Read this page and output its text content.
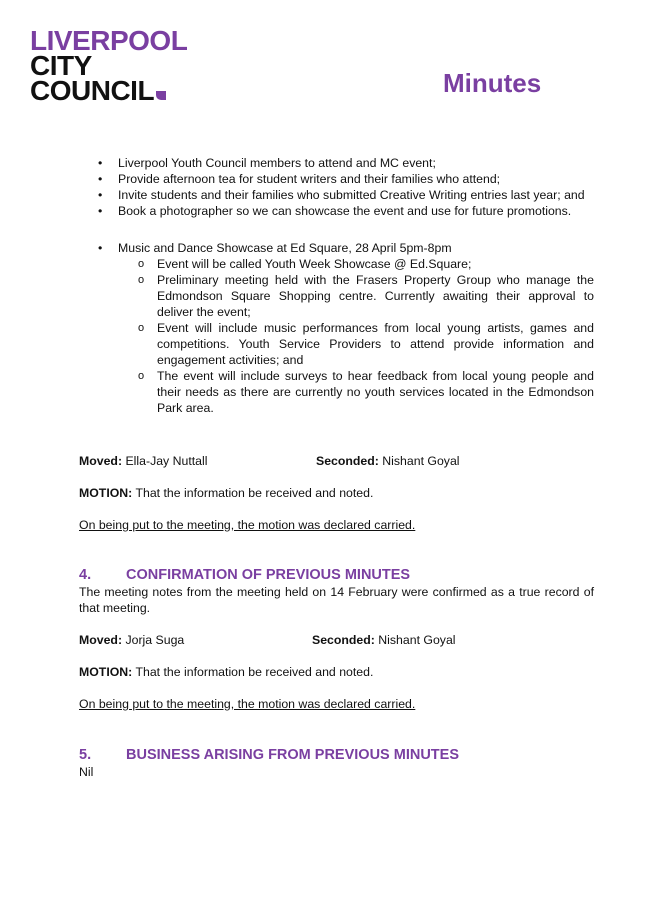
LIVERPOOL
CITY
COUNCIL	Minutes
• Liverpool Youth Council members to attend and MC event;
• Provide afternoon tea for student writers and their families who attend;
• Invite students and their families who submitted Creative Writing entries last year; and
• Book a photographer so we can showcase the event and use for future promotions.
• Music and Dance Showcase at Ed Square, 28 April 5pm-8pm
o Event will be called Youth Week Showcase @ Ed.Square;
o Preliminary meeting held with the Frasers Property Group who manage the Edmondson Square Shopping centre. Currently awaiting their approval to deliver the event;
o Event will include music performances from local young artists, games and competitions. Youth Service Providers to attend provide information and engagement activities; and
o The event will include surveys to hear feedback from local young people and their needs as there are currently no youth services located in the Edmondson Park area.
Moved: Ella-Jay Nuttall	Seconded: Nishant Goyal
MOTION: That the information be received and noted.
On being put to the meeting, the motion was declared carried.
4. CONFIRMATION OF PREVIOUS MINUTES
The meeting notes from the meeting held on 14 February were confirmed as a true record of that meeting.
Moved: Jorja Suga	Seconded: Nishant Goyal
MOTION: That the information be received and noted.
On being put to the meeting, the motion was declared carried.
5. BUSINESS ARISING FROM PREVIOUS MINUTES
Nil
